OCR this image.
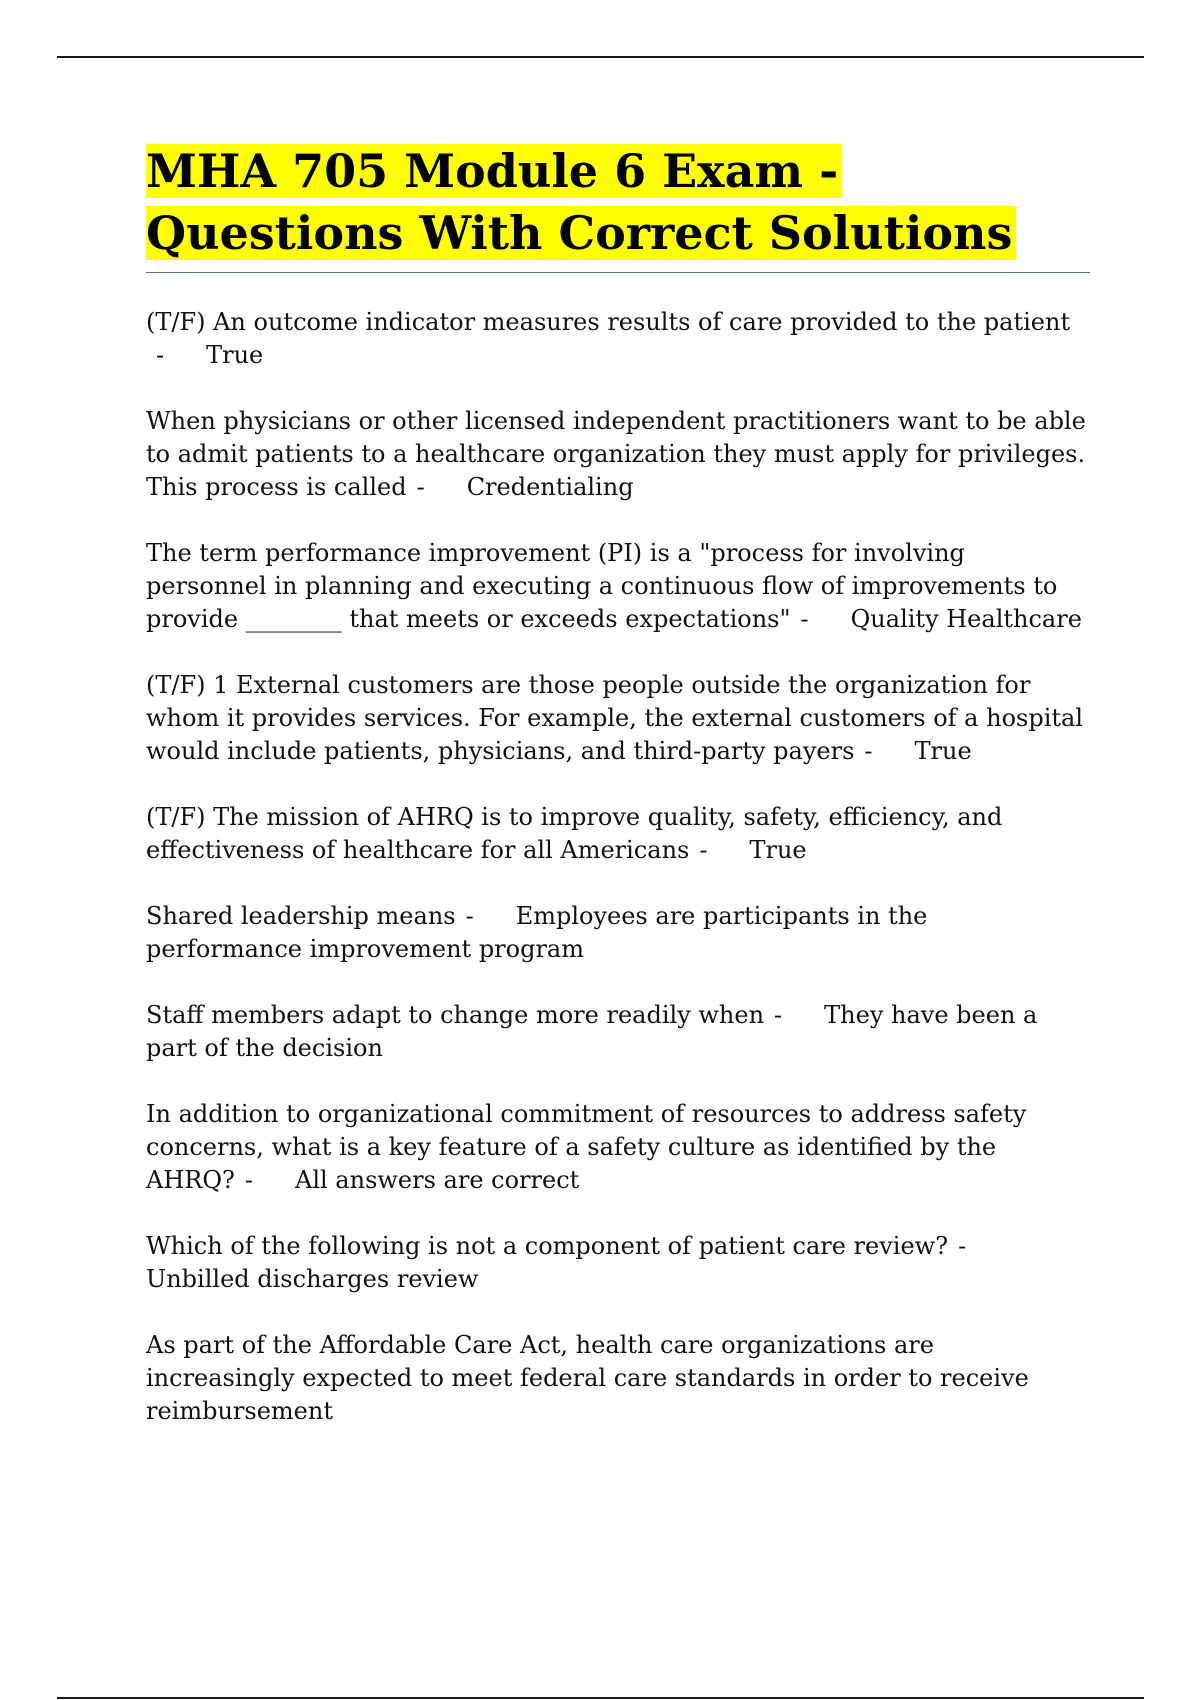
MHA 705 Module 6 Exam - Questions With Correct Solutions

(T/F) An outcome indicator measures results of care provided to the patient- True

When physicians or other licensed independent practitioners want to be able to admit patients to a healthcare organization they must apply for privileges. This process is called - Credentialing

The term performance improvement (PI) is a "process for involving personnel in planning and executing a continuous flow of improvements to provide ________ that meets or exceeds expectations" - Quality Healthcare

(T/F) 1 External customers are those people outside the organization for whom it provides services. For example, the external customers of a hospital would include patients, physicians, and third-party payers - True

(T/F) The mission of AHRQ is to improve quality, safety, efficiency, and effectiveness of healthcare for all Americans - True

Shared leadership means - Employees are participants in the performance improvement program

Staff members adapt to change more readily when - They have been a part of the decision

In addition to organizational commitment of resources to address safety concerns, what is a key feature of a safety culture as identified by the AHRQ? - All answers are correct

Which of the following is not a component of patient care review? -Unbilled discharges review

As part of the Affordable Care Act, health care organizations are increasingly expected to meet federal care standards in order to receive reimbursement
